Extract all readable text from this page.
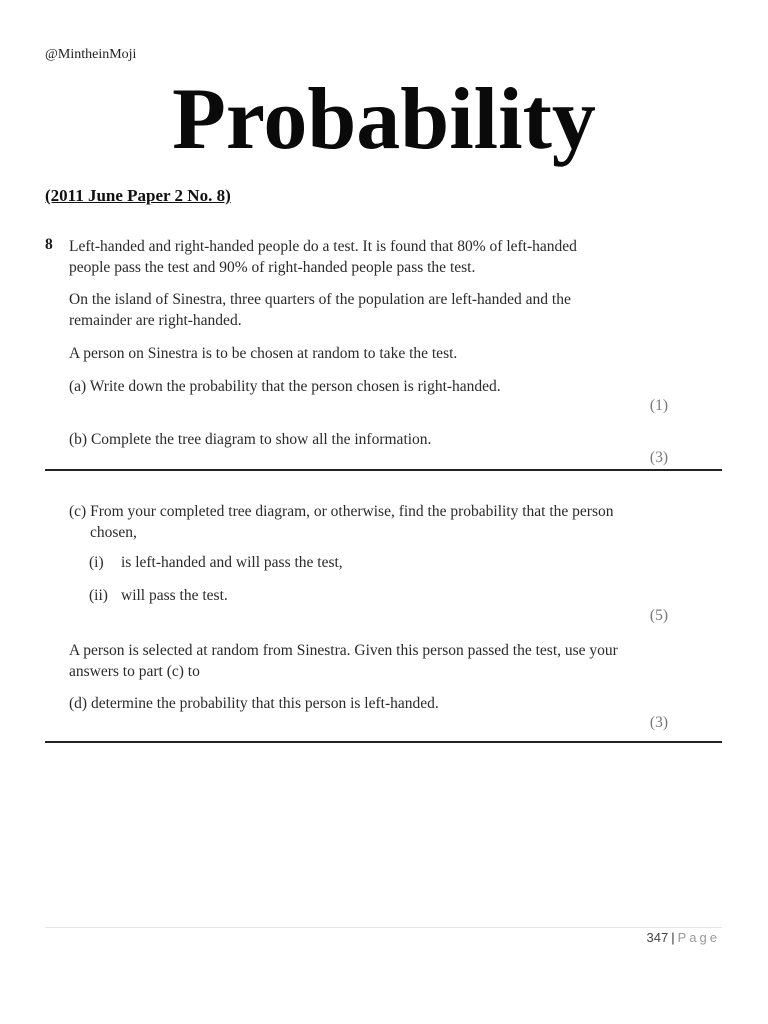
@MintheinMoji
Probability
(2011 June Paper 2 No. 8)
8 Left-handed and right-handed people do a test. It is found that 80% of left-handed
people pass the test and 90% of right-handed people pass the test.
On the island of Sinestra, three quarters of the population are left-handed and the
remainder are right-handed.
A person on Sinestra is to be chosen at random to take the test.
(a) Write down the probability that the person chosen is right-handed.
(1)
(b) Complete the tree diagram to show all the information.
(3)
(c) From your completed tree diagram, or otherwise, find the probability that the person
chosen,
(i) is left-handed and will pass the test,
(ii) will pass the test.
(5)
A person is selected at random from Sinestra. Given this person passed the test, use your
answers to part (c) to
(d) determine the probability that this person is left-handed.
(3)
347 | Page
